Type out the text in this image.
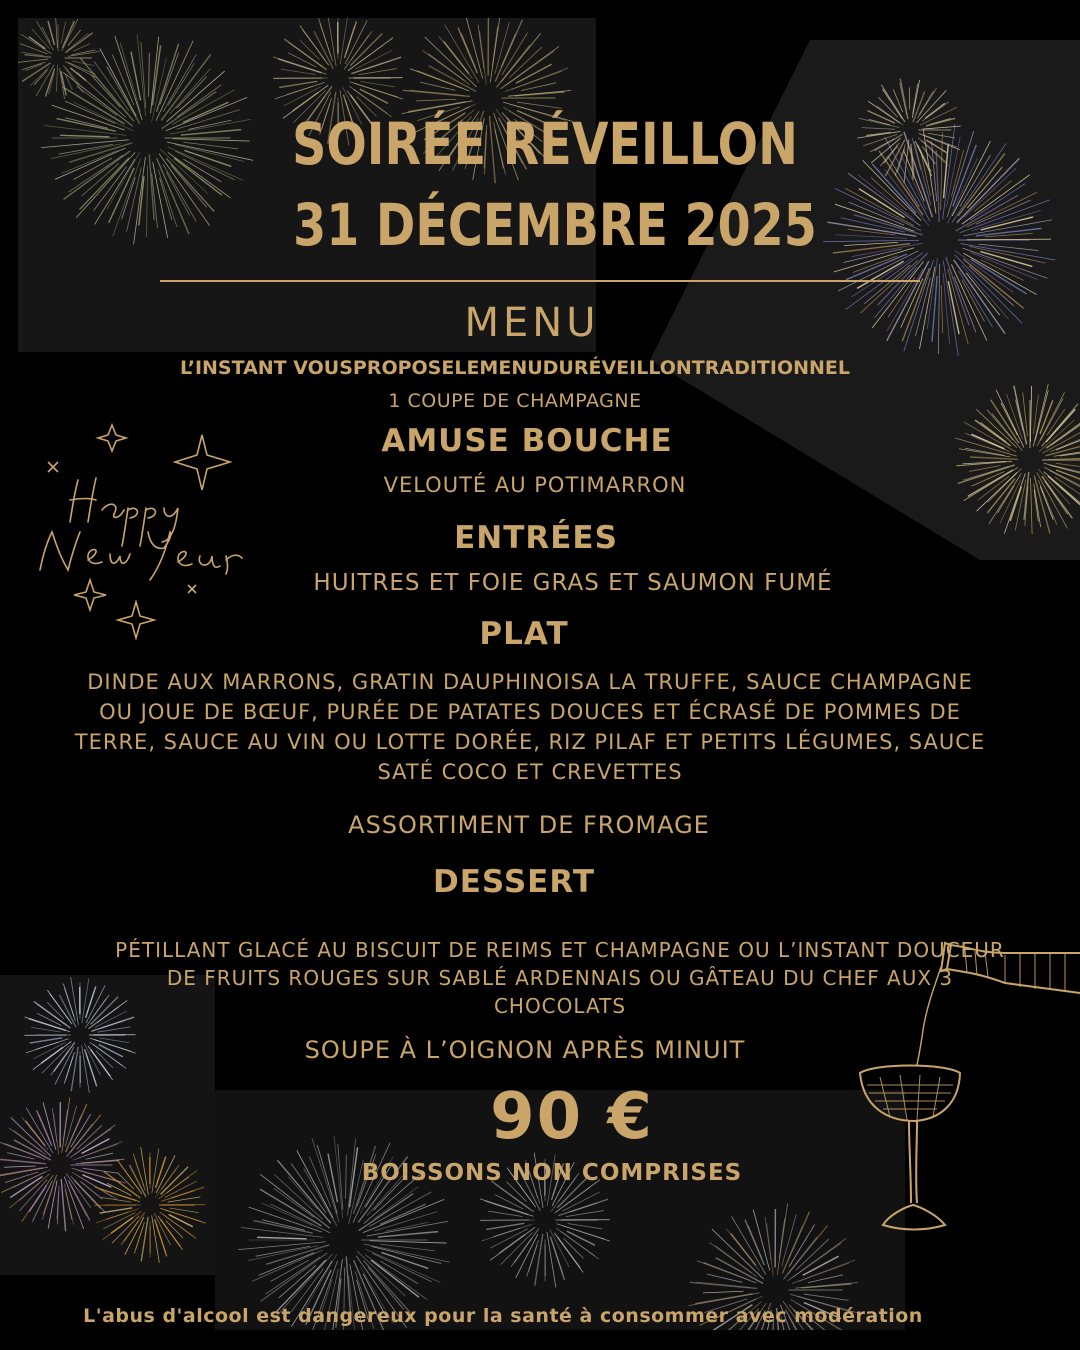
SOIRÉE RÉVEILLON
31 DÉCEMBRE 2025
MENU
L’INSTANT VOUSPROPOSELEMENUDURÉVEILLONTRADITIONNEL
1 COUPE DE CHAMPAGNE
AMUSE BOUCHE
VELOUTÉ AU POTIMARRON
ENTRÉES
HUITRES ET FOIE GRAS ET SAUMON FUMÉ
PLAT
DINDE AUX MARRONS, GRATIN DAUPHINOISA LA TRUFFE, SAUCE CHAMPAGNE OU JOUE DE BŒUF, PURÉE DE PATATES DOUCES ET ÉCRASÉ DE POMMES DE TERRE, SAUCE AU VIN OU LOTTE DORÉE, RIZ PILAF ET PETITS LÉGUMES, SAUCE SATÉ COCO ET CREVETTES
ASSORTIMENT DE FROMAGE
DESSERT
PÉTILLANT GLACÉ AU BISCUIT DE REIMS ET CHAMPAGNE OU L’INSTANT DOUCEUR DE FRUITS ROUGES SUR SABLÉ ARDENNAIS OU GÂTEAU DU CHEF AUX 3 CHOCOLATS
SOUPE À L’OIGNON APRÈS MINUIT
90 €
BOISSONS NON COMPRISES
L'abus d'alcool est dangereux pour la santé à consommer avec modération
